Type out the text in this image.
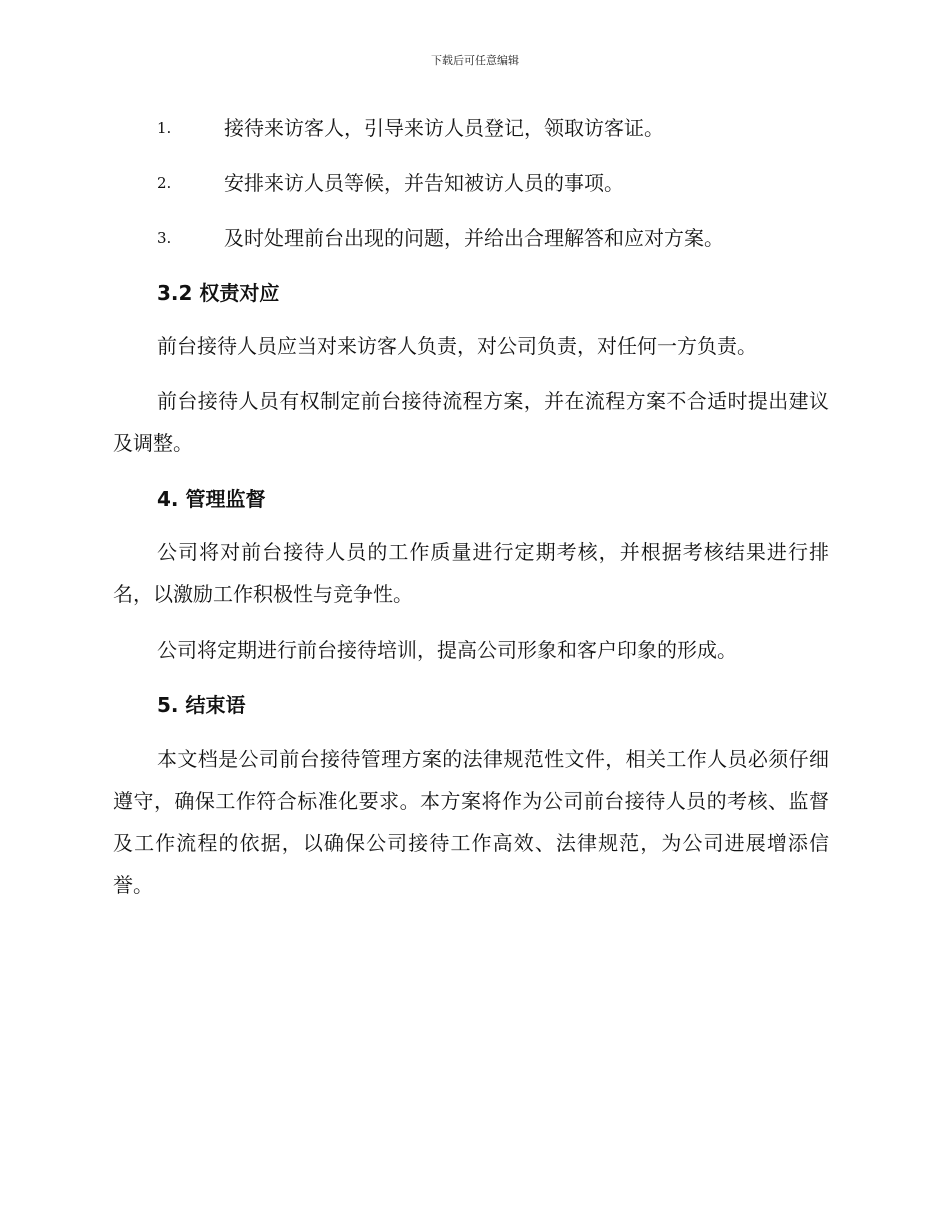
下载后可任意编辑
1.	接待来访客人，引导来访人员登记，领取访客证。
2.	安排来访人员等候，并告知被访人员的事项。
3.	及时处理前台出现的问题，并给出合理解答和应对方案。
3.2 权责对应

前台接待人员应当对来访客人负责，对公司负责，对任何一方负责。

前台接待人员有权制定前台接待流程方案，并在流程方案不合适时提出建议及调整。

4. 管理监督

公司将对前台接待人员的工作质量进行定期考核，并根据考核结果进行排名，以激励工作积极性与竞争性。

公司将定期进行前台接待培训，提高公司形象和客户印象的形成。

5. 结束语

本文档是公司前台接待管理方案的法律规范性文件，相关工作人员必须仔细遵守，确保工作符合标准化要求。本方案将作为公司前台接待人员的考核、监督及工作流程的依据，以确保公司接待工作高效、法律规范，为公司进展增添信誉。
